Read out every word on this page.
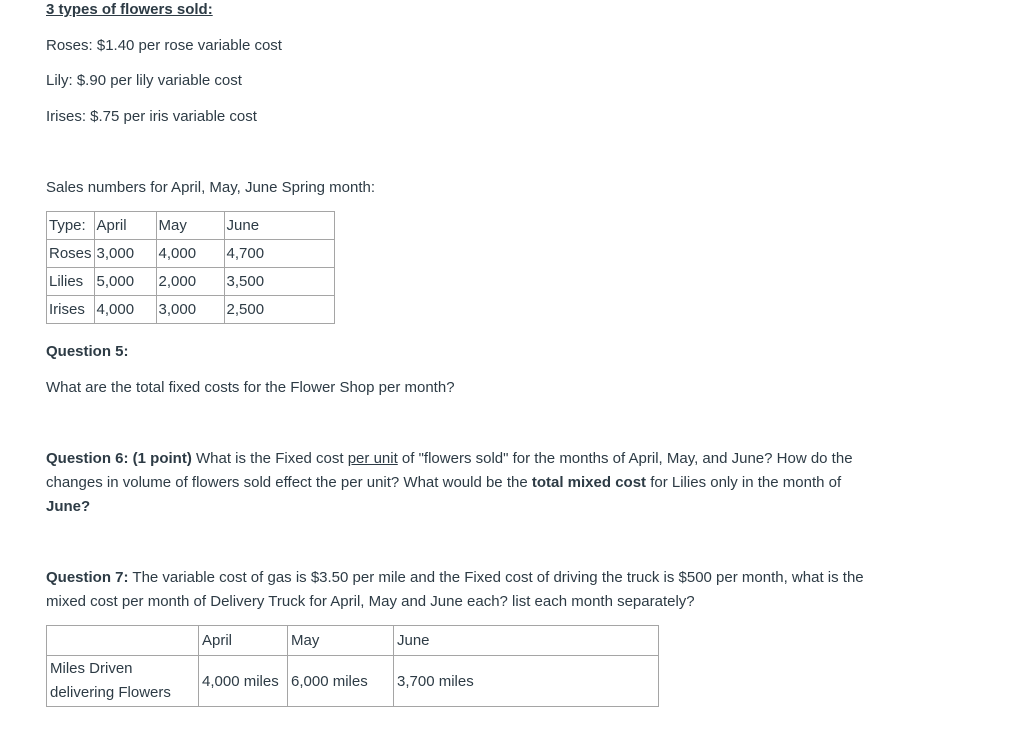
3 types of flowers sold:
Roses: $1.40 per rose variable cost
Lily: $.90 per lily variable cost
Irises: $.75 per iris variable cost
Sales numbers for April, May, June Spring month:
Type:	April	May	June
Roses	3,000	4,000	4,700
Lilies	5,000	2,000	3,500
Irises	4,000	3,000	2,500
Question 5:
What are the total fixed costs for the Flower Shop per month?
Question 6: (1 point) What is the Fixed cost per unit of "flowers sold" for the months of April, May, and June? How do the changes in volume of flowers sold effect the per unit? What would be the total mixed cost for Lilies only in the month of June?
Question 7: The variable cost of gas is $3.50 per mile and the Fixed cost of driving the truck is $500 per month, what is the mixed cost per month of Delivery Truck for April, May and June each? list each month separately?
	April	May	June
Miles Driven
delivering Flowers	4,000 miles	6,000 miles	3,700 miles
